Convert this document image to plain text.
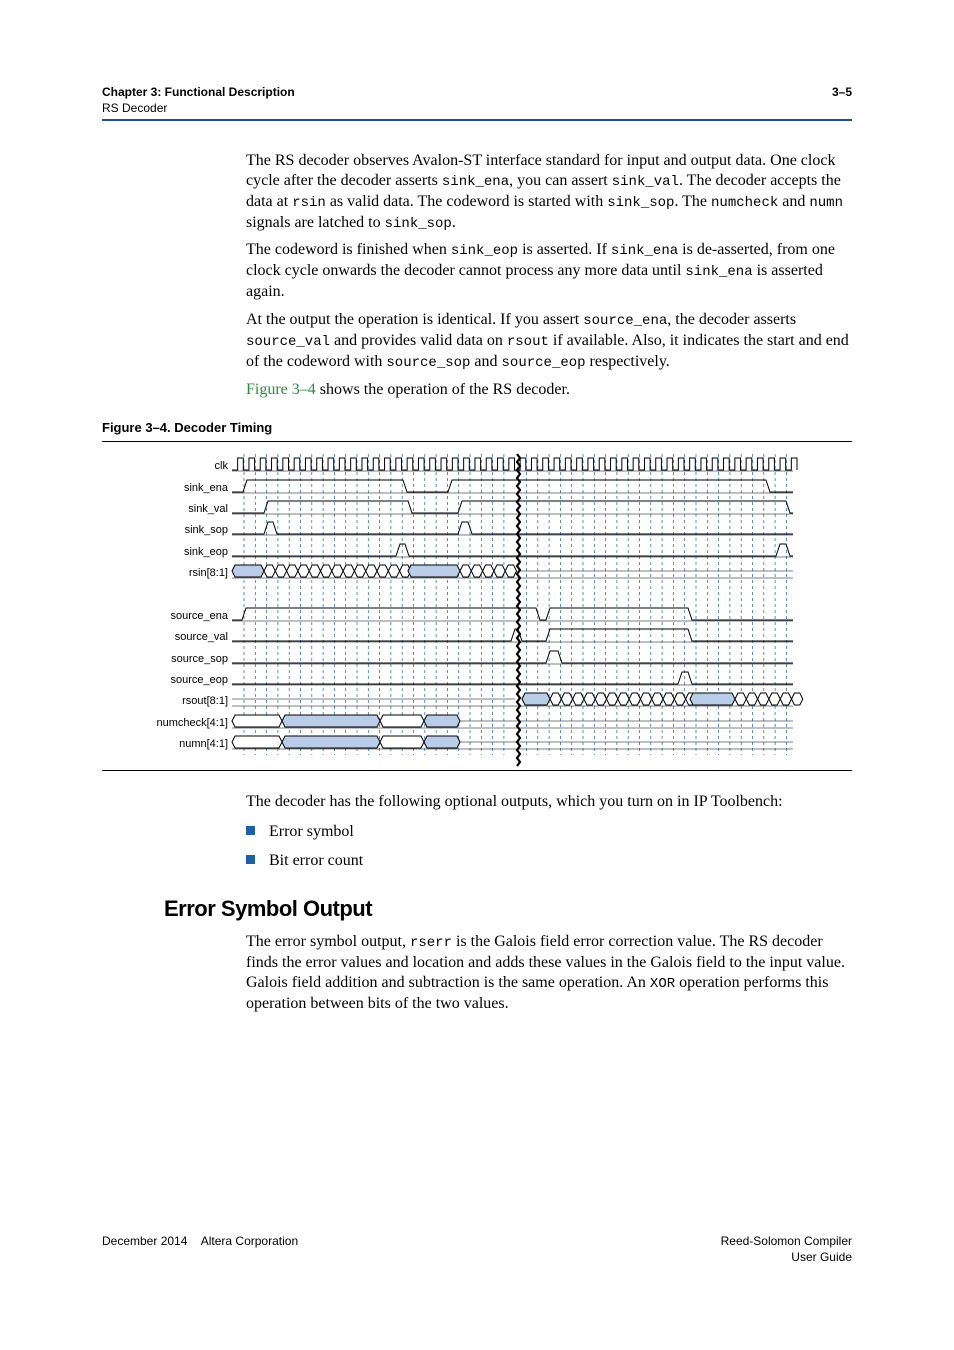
Chapter 3: Functional Description
RS Decoder
3–5
The RS decoder observes Avalon-ST interface standard for input and output data. One clock cycle after the decoder asserts sink_ena, you can assert sink_val. The decoder accepts the data at rsin as valid data. The codeword is started with sink_sop. The numcheck and numn signals are latched to sink_sop.
The codeword is finished when sink_eop is asserted. If sink_ena is de-asserted, from one clock cycle onwards the decoder cannot process any more data until sink_ena is asserted again.
At the output the operation is identical. If you assert source_ena, the decoder asserts source_val and provides valid data on rsout if available. Also, it indicates the start and end of the codeword with source_sop and source_eop respectively.
Figure 3–4 shows the operation of the RS decoder.
Figure 3–4. Decoder Timing
clk
sink_ena
sink_val
sink_sop
sink_eop
rsin[8:1]
source_ena
source_val
source_sop
source_eop
rsout[8:1]
numcheck[4:1]
numn[4:1]
The decoder has the following optional outputs, which you turn on in IP Toolbench:
Error symbol
Bit error count
Error Symbol Output
The error symbol output, rserr is the Galois field error correction value. The RS decoder finds the error values and location and adds these values in the Galois field to the input value. Galois field addition and subtraction is the same operation. An XOR operation performs this operation between bits of the two values.
December 2014 Altera Corporation	Reed-Solomon Compiler
User Guide
